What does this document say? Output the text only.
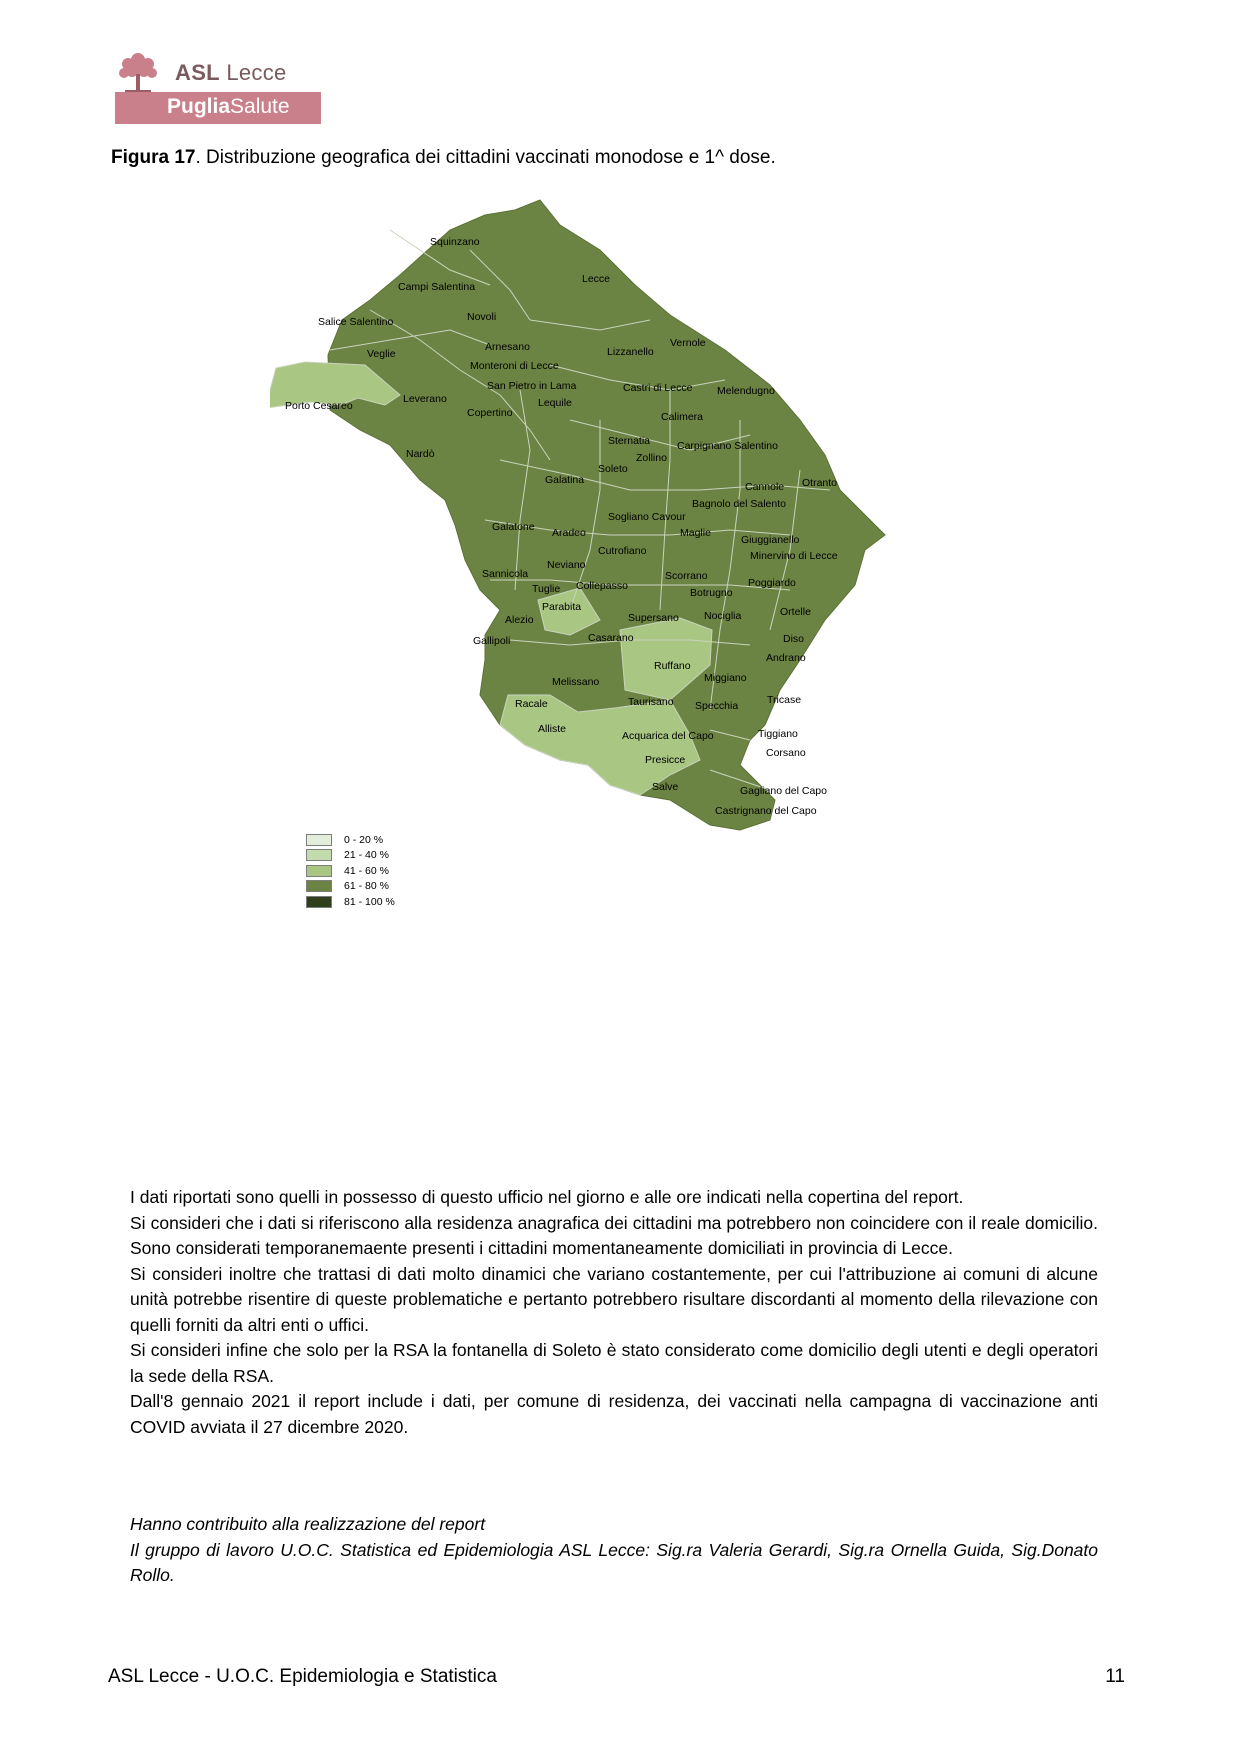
ASL Lecce
PugliaSalute
Figura 17. Distribuzione geografica dei cittadini vaccinati monodose e 1^ dose.
Squinzano
Lecce
Campi Salentina
Novoli
Salice Salentino
Veglie
Arnesano
Monteroni di Lecce
Lizzanello
Vernole
San Pietro in Lama	Castri di Lecce Melendugno
Leverano
Porto Cesareo	Lequile
Copertino	Calimera
Sternatia	Carpignano Salentino
Nardò	Zollino
Soleto
Galatina
Cannole Otranto
Bagnolo del Salento
Sogliano Cavour
Galatone Aradeo	Maglie
Giuggianello
Cutrofiano	Minervino di Lecce
Neviano
Sannicola	Scorrano
Tuglie Collepasso	Poggiardo
Botrugno
Parabita
Alezio	Supersano Nociglia	Ortelle
Gallipoli	Casarano	Diso
Ruffano
Andrano
Melissano	Miggiano
Racale	Taurisano Specchia	Tricase
Alliste
Acquarica del Capo	Tiggiano
Corsano
Presicce
Salve	Gagliano del Capo
Castrignano del Capo
0 - 20 %
21 - 40 %
41 - 60 %
61 - 80 %
81 - 100 %

I dati riportati sono quelli in possesso di questo ufficio nel giorno e alle ore indicati nella copertina del report.

Si consideri che i dati si riferiscono alla residenza anagrafica dei cittadini ma potrebbero non coincidere con il reale domicilio. Sono considerati temporanemaente presenti i cittadini momentaneamente domiciliati in provincia di Lecce.

Si consideri inoltre che trattasi di dati molto dinamici che variano costantemente, per cui l'attribuzione ai comuni di alcune unità potrebbe risentire di queste problematiche e pertanto potrebbero risultare discordanti al momento della rilevazione con quelli forniti da altri enti o uffici.

Si consideri infine che solo per la RSA la fontanella di Soleto è stato considerato come domicilio degli utenti e degli operatori la sede della RSA.

Dall'8 gennaio 2021 il report include i dati, per comune di residenza, dei vaccinati nella campagna di vaccinazione anti COVID avviata il 27 dicembre 2020.

Hanno contribuito alla realizzazione del report

Il gruppo di lavoro U.O.C. Statistica ed Epidemiologia ASL Lecce: Sig.ra Valeria Gerardi, Sig.ra Ornella Guida, Sig.Donato Rollo.

ASL Lecce - U.O.C. Epidemiologia e Statistica	11
